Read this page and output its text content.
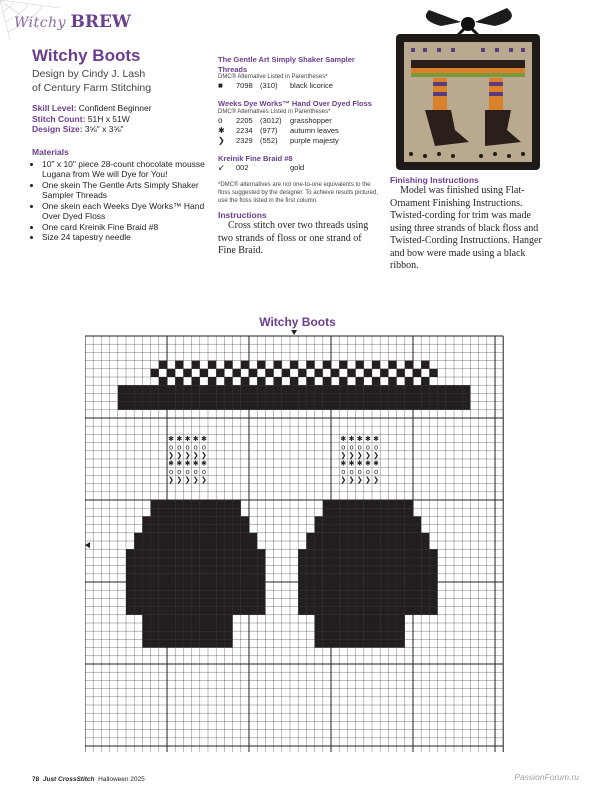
Witchy BREW
Witchy Boots
Design by Cindy J. Lash
of Century Farm Stitching
Skill Level: Confident Beginner
Stitch Count: 51H x 51W
Design Size: 3⅝" x 3⅝"
Materials
• 10" x 10" piece 28-count chocolate mousse Lugana from We will Dye for You!
• One skein The Gentle Arts Simply Shaker Sampler Threads
• One skein each Weeks Dye Works™ Hand Over Dyed Floss
• One card Kreinik Fine Braid #8
• Size 24 tapestry needle
The Gentle Art Simply Shaker Sampler Threads
DMC® Alternative Listed in Parentheses*
■	7098 (310)	black licorice
Weeks Dye Works™ Hand Over Dyed Floss
DMC® Alternatives Listed in Parentheses*
o	2205 (3012)	grasshopper
✱	2234 (977)	autumn leaves
❯	2329 (552)	purple majesty
Kreinik Fine Braid #8
↙	002	gold
*DMC® alternatives are not one-to-one equivalents to the floss suggested by the designer. To achieve results pictured, use the floss listed in the first column.
Instructions
Cross stitch over two threads using two strands of floss or one strand of Fine Braid.
Finishing Instructions
Model was finished using Flat-Ornament Finishing Instructions. Twisted-cording for trim was made using three strands of black floss and Twisted-Cording Instructions. Hanger and bow were made using a black ribbon.
Witchy Boots
✱ ✱ ✱ ✱ ✱
o o o o o
❯ ❯ ❯ ❯ ❯
✱ ✱ ✱ ✱ ✱
o o o o o
❯ ❯ ❯ ❯ ❯
✱ ✱ ✱ ✱ ✱
o o o o o
❯ ❯ ❯ ❯ ❯
✱ ✱ ✱ ✱ ✱
o o o o o
❯ ❯ ❯ ❯ ❯
↙ ↙ ↙ ↙
↙ ↙ ↙ ↙
↙ ↙ ↙ ↙
↙ ↙ ↙ ↙
↙ ↙ ↙ ↙
↙ ↙ ↙ ↙
↙ ↙ ↙ ↙
↙ ↙ ↙ ↙
78 Just CrossStitch Halloween 2025	PassionForum.ru
